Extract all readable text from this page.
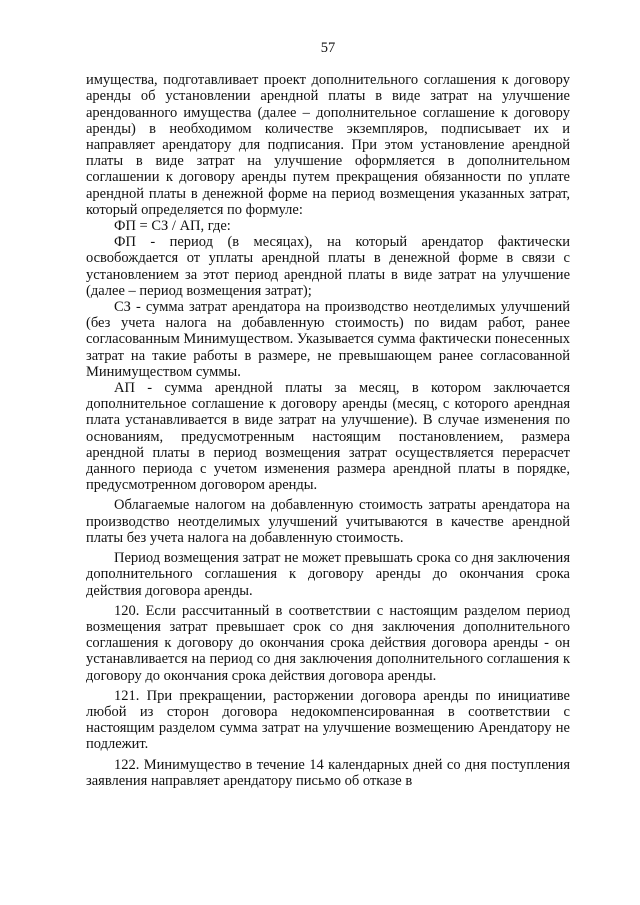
57

имущества, подготавливает проект дополнительного соглашения к договору аренды об установлении арендной платы в виде затрат на улучшение арендованного имущества (далее – дополнительное соглашение к договору аренды) в необходимом количестве экземпляров, подписывает их и направляет арендатору для подписания. При этом установление арендной платы в виде затрат на улучшение оформляется в дополнительном соглашении к договору аренды путем прекращения обязанности по уплате арендной платы в денежной форме на период возмещения указанных затрат, который определяется по формуле:

ФП = СЗ / АП, где:

ФП - период (в месяцах), на который арендатор фактически освобождается от уплаты арендной платы в денежной форме в связи с установлением за этот период арендной платы в виде затрат на улучшение (далее – период возмещения затрат);

СЗ - сумма затрат арендатора на производство неотделимых улучшений (без учета налога на добавленную стоимость) по видам работ, ранее согласованным Минимуществом. Указывается сумма фактически понесенных затрат на такие работы в размере, не превышающем ранее согласованной Минимуществом суммы.

АП - сумма арендной платы за месяц, в котором заключается дополнительное соглашение к договору аренды (месяц, с которого арендная плата устанавливается в виде затрат на улучшение). В случае изменения по основаниям, предусмотренным настоящим постановлением, размера арендной платы в период возмещения затрат осуществляется перерасчет данного периода с учетом изменения размера арендной платы в порядке, предусмотренном договором аренды.

Облагаемые налогом на добавленную стоимость затраты арендатора на производство неотделимых улучшений учитываются в качестве арендной платы без учета налога на добавленную стоимость.

Период возмещения затрат не может превышать срока со дня заключения дополнительного соглашения к договору аренды до окончания срока действия договора аренды.

120. Если рассчитанный в соответствии с настоящим разделом период возмещения затрат превышает срок со дня заключения дополнительного соглашения к договору до окончания срока действия договора аренды - он устанавливается на период со дня заключения дополнительного соглашения к договору до окончания срока действия договора аренды.

121. При прекращении, расторжении договора аренды по инициативе любой из сторон договора недокомпенсированная в соответствии с настоящим разделом сумма затрат на улучшение возмещению Арендатору не подлежит.

122. Минимущество в течение 14 календарных дней со дня поступления заявления направляет арендатору письмо об отказе в
